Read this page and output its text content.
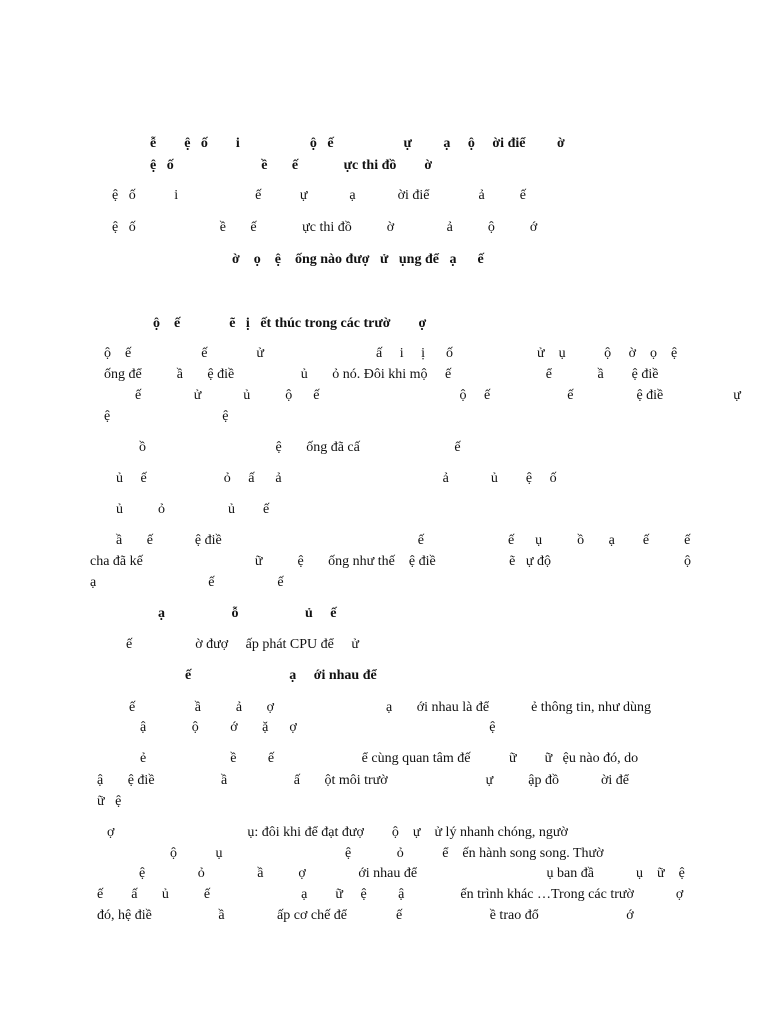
ễ        ệ   ố        i                    ộ   ế                    ự         ạ     ộ     ời điể         ờ
ệ   ố                         ề       ế             ực thi đồ        ờ
ệ   ố           i                      ế           ự            ạ            ời điể              ả          ế
ệ   ố                        ề       ế             ực thi đồ          ờ               ả          ộ          ớ
ờ    ọ    ệ    ống nào đượ   ử   ụng để   ạ      ế
ộ    ế              ẽ   ị   ết thúc trong các trườ        ợ
ộ    ế                    ế              ử                                ấ     i     ị      ố                        ử    ụ           ộ     ờ    ọ    ệ
ống để          ầ       ệ điề                   ủ       ỏ nó. Đôi khi mộ     ế                           ể             ầ        ệ điề
ế               ử            ủ          ộ      ế                                        ộ     ế                      ế                  ệ điề                    ự
ệ                                ệ
ồ                                     ệ       ống đã cấ                           ế
ủ     ế                      ỏ     ấ      ả                                              ả            ủ        ệ     ố
ủ          ỏ                  ủ        ế
ầ       ế            ệ điề                                                        ế                        ế      ụ          ồ       ạ        ế          ế
cha đã kế                                ữ          ệ       ống như thế    ệ điề                     ẽ   ự độ                                      ộ
ạ                                ế                  ế
ạ                   ỗ                   ủ     ế
ế                  ờ đượ     ấp phát CPU để     ử
ế                            ạ     ới nhau để
ế                 ầ          ả       ợ                                ạ       ới nhau là để            ẻ thông tin, như dùng
ậ             ộ         ớ       ặ      ợ                                                       ệ
ẻ                        ề         ế                         ể cùng quan tâm đế           ữ        ữ   ệu nào đó, do
ậ       ệ điề                   ầ                   ấ       ột môi trườ                            ự          ập đồ            ời để
ữ   ệ
ợ                                      ụ: đôi khi để đạt đượ        ộ    ự    ử lý nhanh chóng, ngườ
ộ           ụ                                   ệ             ỏ           ể    ến hành song song. Thườ
ệ               ỏ               ầ          ợ               ới nhau để                                     ụ ban đầ            ụ    ữ    ệ
ế        ấ       ủ          ế                          ạ        ữ     ệ         ậ                ến trình khác …Trong các trườ            ợ
đó, hệ điề                   ầ               ấp cơ chế để              ế                         ề trao đổ                         ớ
